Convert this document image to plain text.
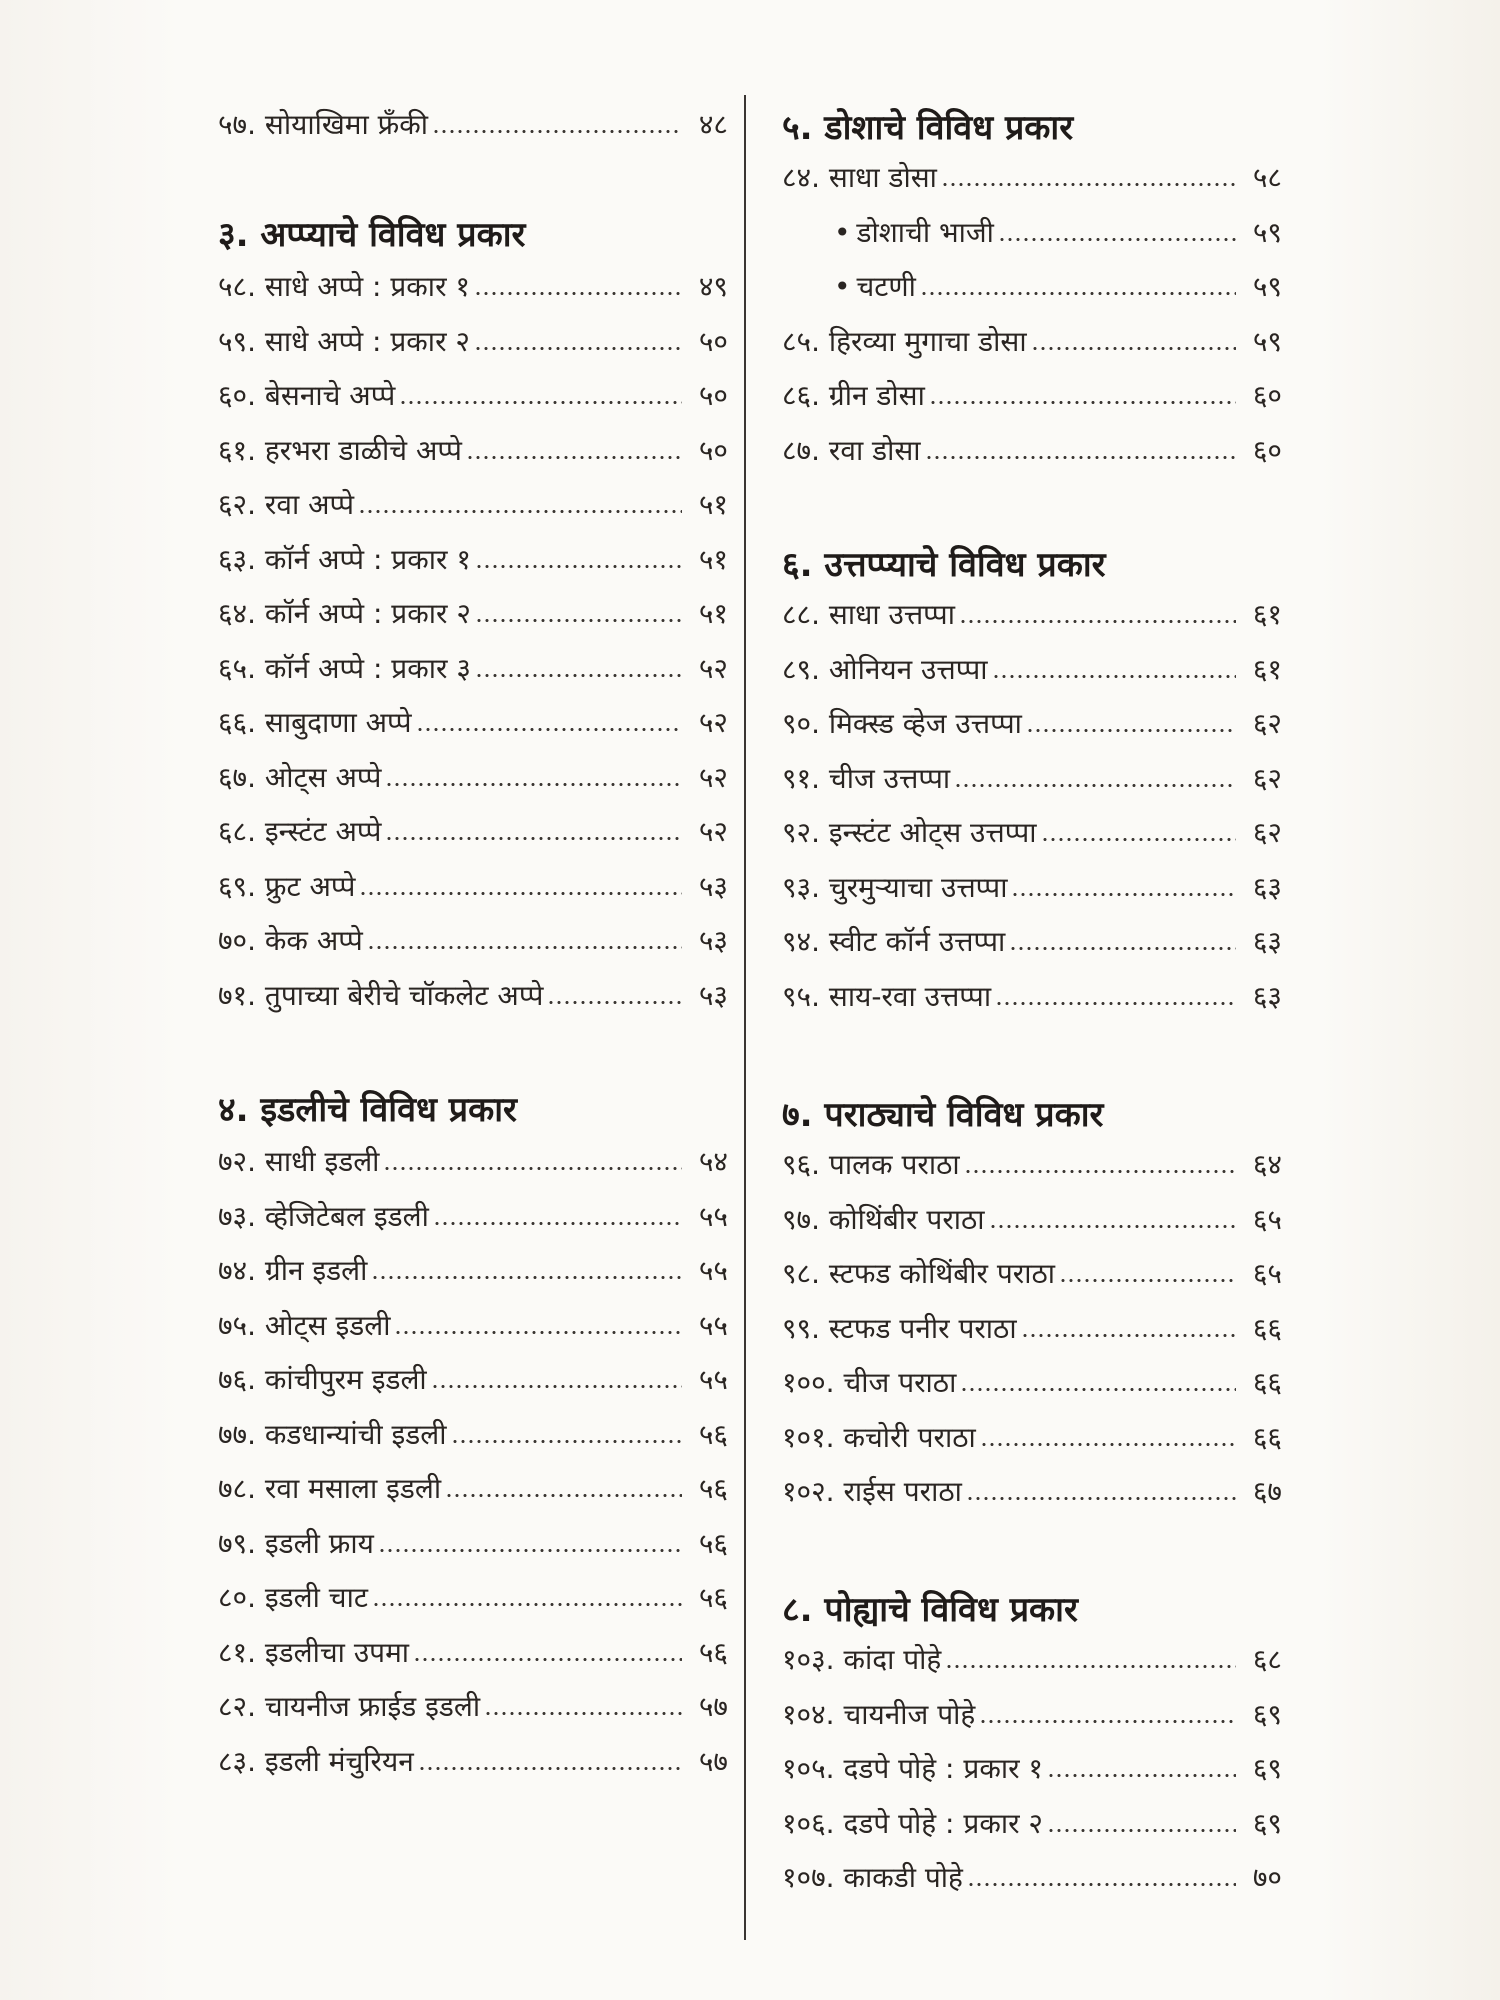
५७. सोयाखिमा फ्रँकी	४८
३. अप्प्याचे विविध प्रकार
५८. साधे अप्पे : प्रकार १	४९
५९. साधे अप्पे : प्रकार २	५०
६०. बेसनाचे अप्पे	५०
६१. हरभरा डाळीचे अप्पे	५०
६२. रवा अप्पे	५१
६३. कॉर्न अप्पे : प्रकार १	५१
६४. कॉर्न अप्पे : प्रकार २	५१
६५. कॉर्न अप्पे : प्रकार ३	५२
६६. साबुदाणा अप्पे	५२
६७. ओट्स अप्पे	५२
६८. इन्स्टंट अप्पे	५२
६९. फ्रुट अप्पे	५३
७०. केक अप्पे	५३
७१. तुपाच्या बेरीचे चॉकलेट अप्पे	५३
४. इडलीचे विविध प्रकार
७२. साधी इडली	५४
७३. व्हेजिटेबल इडली	५५
७४. ग्रीन इडली	५५
७५. ओट्स इडली	५५
७६. कांचीपुरम इडली	५५
७७. कडधान्यांची इडली	५६
७८. रवा मसाला इडली	५६
७९. इडली फ्राय	५६
८०. इडली चाट	५६
८१. इडलीचा उपमा	५६
८२. चायनीज फ्राईड इडली	५७
८३. इडली मंचुरियन	५७
५. डोशाचे विविध प्रकार
८४. साधा डोसा	५८
• डोशाची भाजी	५९
• चटणी	५९
८५. हिरव्या मुगाचा डोसा	५९
८६. ग्रीन डोसा	६०
८७. रवा डोसा	६०
६. उत्तप्प्याचे विविध प्रकार
८८. साधा उत्तप्पा	६१
८९. ओनियन उत्तप्पा	६१
९०. मिक्स्ड व्हेज उत्तप्पा	६२
९१. चीज उत्तप्पा	६२
९२. इन्स्टंट ओट्स उत्तप्पा	६२
९३. चुरमुऱ्याचा उत्तप्पा	६३
९४. स्वीट कॉर्न उत्तप्पा	६३
९५. साय-रवा उत्तप्पा	६३
७. पराठ्याचे विविध प्रकार
९६. पालक पराठा	६४
९७. कोथिंबीर पराठा	६५
९८. स्टफड कोथिंबीर पराठा	६५
९९. स्टफड पनीर पराठा	६६
१००. चीज पराठा	६६
१०१. कचोरी पराठा	६६
१०२. राईस पराठा	६७
८. पोह्याचे विविध प्रकार
१०३. कांदा पोहे	६८
१०४. चायनीज पोहे	६९
१०५. दडपे पोहे : प्रकार १	६९
१०६. दडपे पोहे : प्रकार २	६९
१०७. काकडी पोहे	७०
